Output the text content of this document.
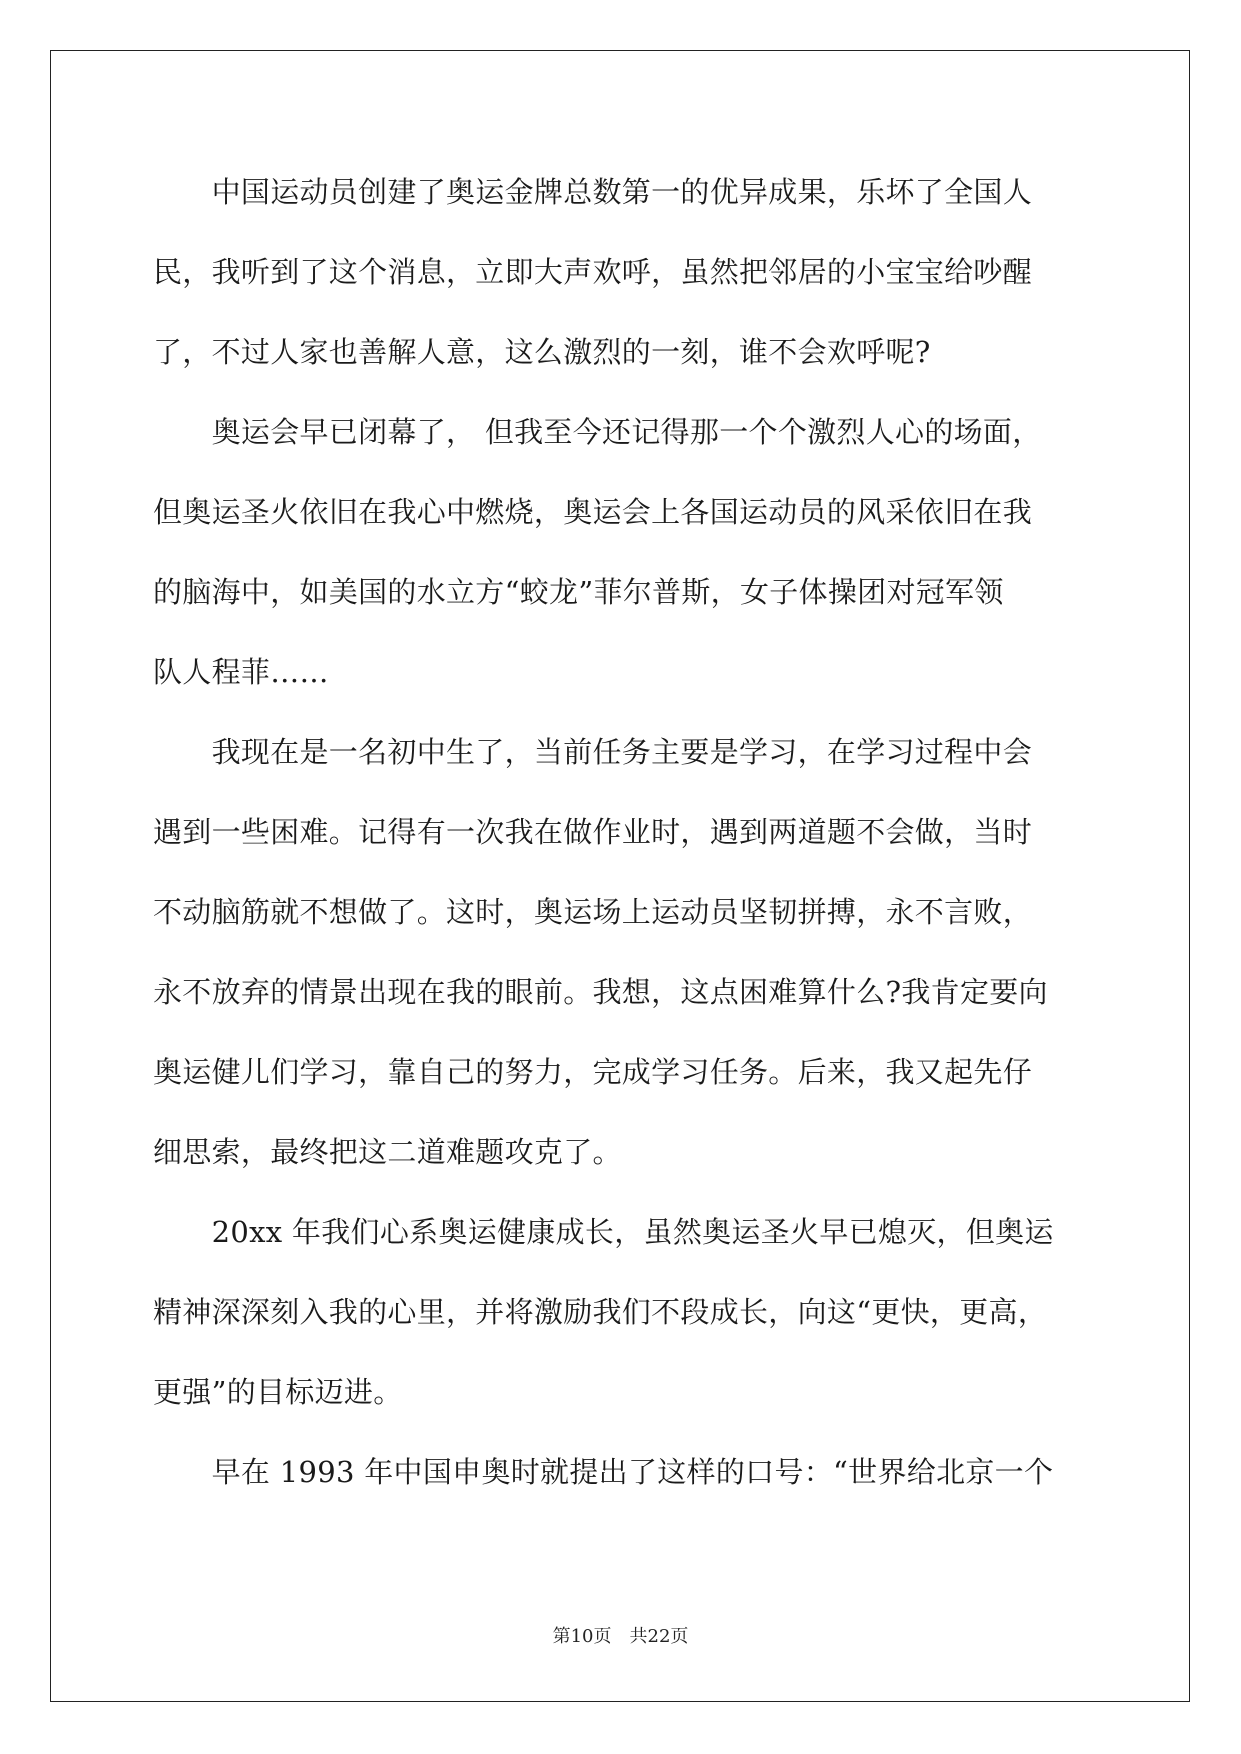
　　中国运动员创建了奥运金牌总数第一的优异成果，乐坏了全国人
民，我听到了这个消息，立即大声欢呼，虽然把邻居的小宝宝给吵醒
了，不过人家也善解人意，这么激烈的一刻，谁不会欢呼呢?
　　奥运会早已闭幕了， 但我至今还记得那一个个激烈人心的场面，
但奥运圣火依旧在我心中燃烧，奥运会上各国运动员的风采依旧在我
的脑海中，如美国的水立方“蛟龙”菲尔普斯，女子体操团对冠军领
队人程菲……
　　我现在是一名初中生了，当前任务主要是学习，在学习过程中会
遇到一些困难。记得有一次我在做作业时，遇到两道题不会做，当时
不动脑筋就不想做了。这时，奥运场上运动员坚韧拼搏，永不言败，
永不放弃的情景出现在我的眼前。我想，这点困难算什么?我肯定要向
奥运健儿们学习，靠自己的努力，完成学习任务。后来，我又起先仔
细思索，最终把这二道难题攻克了。
　　20xx 年我们心系奥运健康成长，虽然奥运圣火早已熄灭，但奥运
精神深深刻入我的心里，并将激励我们不段成长，向这“更快，更高，
更强”的目标迈进。
　　早在 1993 年中国申奥时就提出了这样的口号：“世界给北京一个
第10页 共22页
